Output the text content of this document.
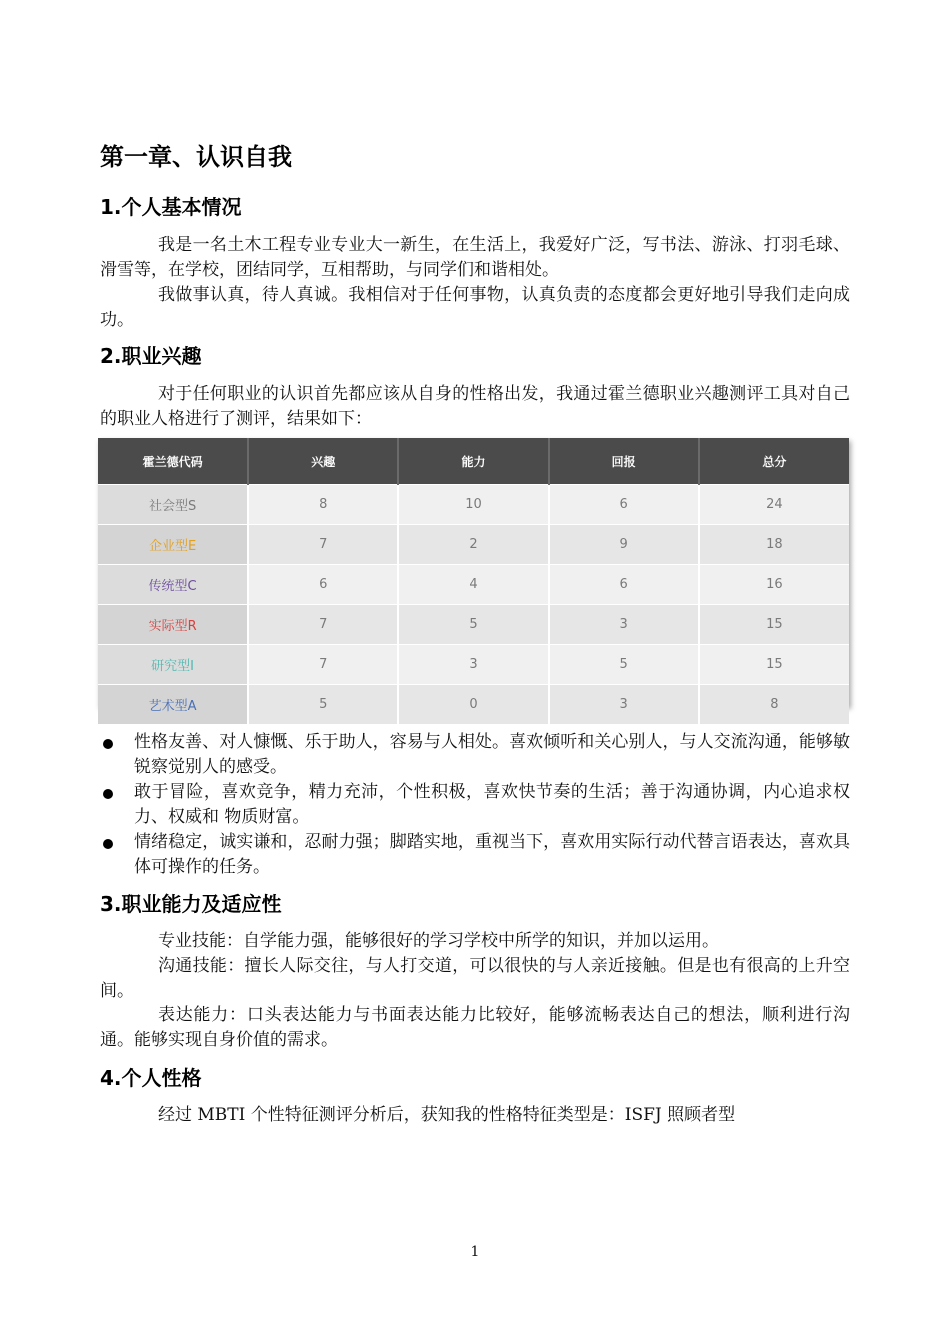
第一章、认识自我
1.个人基本情况
我是一名土木工程专业专业大一新生，在生活上，我爱好广泛，写书法、游泳、打羽毛球、滑雪等，在学校，团结同学，互相帮助，与同学们和谐相处。
我做事认真，待人真诚。我相信对于任何事物，认真负责的态度都会更好地引导我们走向成功。
2.职业兴趣
对于任何职业的认识首先都应该从自身的性格出发，我通过霍兰德职业兴趣测评工具对自己的职业人格进行了测评，结果如下：
霍兰德代码	兴趣	能力	回报	总分
社会型S	8	10	6	24
企业型E	7	2	9	18
传统型C	6	4	6	16
实际型R	7	5	3	15
研究型I	7	3	5	15
艺术型A	5	0	3	8
性格友善、对人慷慨、乐于助人，容易与人相处。喜欢倾听和关心别人，与人交流沟通，能够敏锐察觉别人的感受。
敢于冒险，喜欢竞争，精力充沛，个性积极，喜欢快节奏的生活；善于沟通协调，内心追求权力、权威和 物质财富。
情绪稳定，诚实谦和，忍耐力强；脚踏实地，重视当下，喜欢用实际行动代替言语表达，喜欢具体可操作的任务。
3.职业能力及适应性
专业技能：自学能力强，能够很好的学习学校中所学的知识，并加以运用。
沟通技能：擅长人际交往，与人打交道，可以很快的与人亲近接触。但是也有很高的上升空间。
表达能力：口头表达能力与书面表达能力比较好，能够流畅表达自己的想法，顺利进行沟通。能够实现自身价值的需求。
4.个人性格
经过 MBTI 个性特征测评分析后，获知我的性格特征类型是：ISFJ 照顾者型
1
